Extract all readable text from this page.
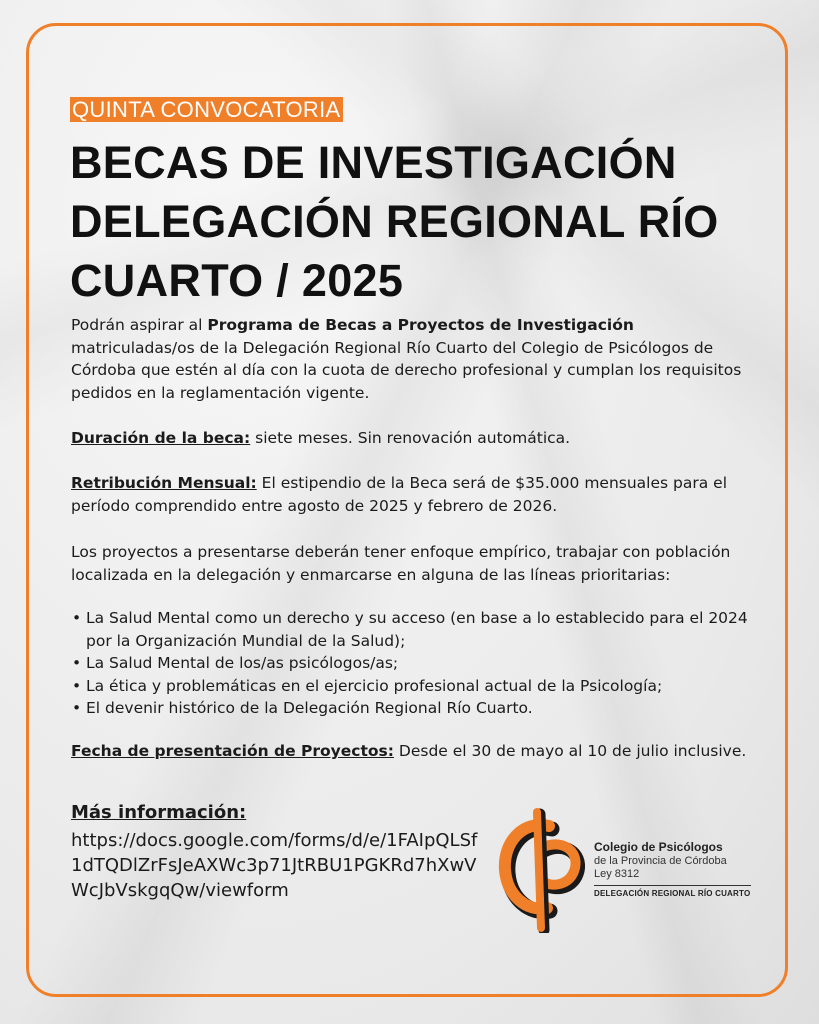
QUINTA CONVOCATORIA
BECAS DE INVESTIGACIÓN DELEGACIÓN REGIONAL RÍO CUARTO / 2025

Podrán aspirar al Programa de Becas a Proyectos de Investigación matriculadas/os de la Delegación Regional Río Cuarto del Colegio de Psicólogos de Córdoba que estén al día con la cuota de derecho profesional y cumplan los requisitos pedidos en la reglamentación vigente.

Duración de la beca: siete meses. Sin renovación automática.

Retribución Mensual: El estipendio de la Beca será de $35.000 mensuales para el período comprendido entre agosto de 2025 y febrero de 2026.

Los proyectos a presentarse deberán tener enfoque empírico, trabajar con población localizada en la delegación y enmarcarse en alguna de las líneas prioritarias:

• La Salud Mental como un derecho y su acceso (en base a lo establecido para el 2024 por la Organización Mundial de la Salud);
• La Salud Mental de los/as psicólogos/as;
• La ética y problemáticas en el ejercicio profesional actual de la Psicología;
• El devenir histórico de la Delegación Regional Río Cuarto.

Fecha de presentación de Proyectos: Desde el 30 de mayo al 10 de julio inclusive.

Más información:

https://docs.google.com/forms/d/e/1FAIpQLSf1dTQDlZrFsJeAXWc3p71JtRBU1PGKRd7hXwVWcJbVskgqQw/viewform

Colegio de Psicólogos
de la Provincia de Córdoba
Ley 8312
DELEGACIÓN REGIONAL RÍO CUARTO
